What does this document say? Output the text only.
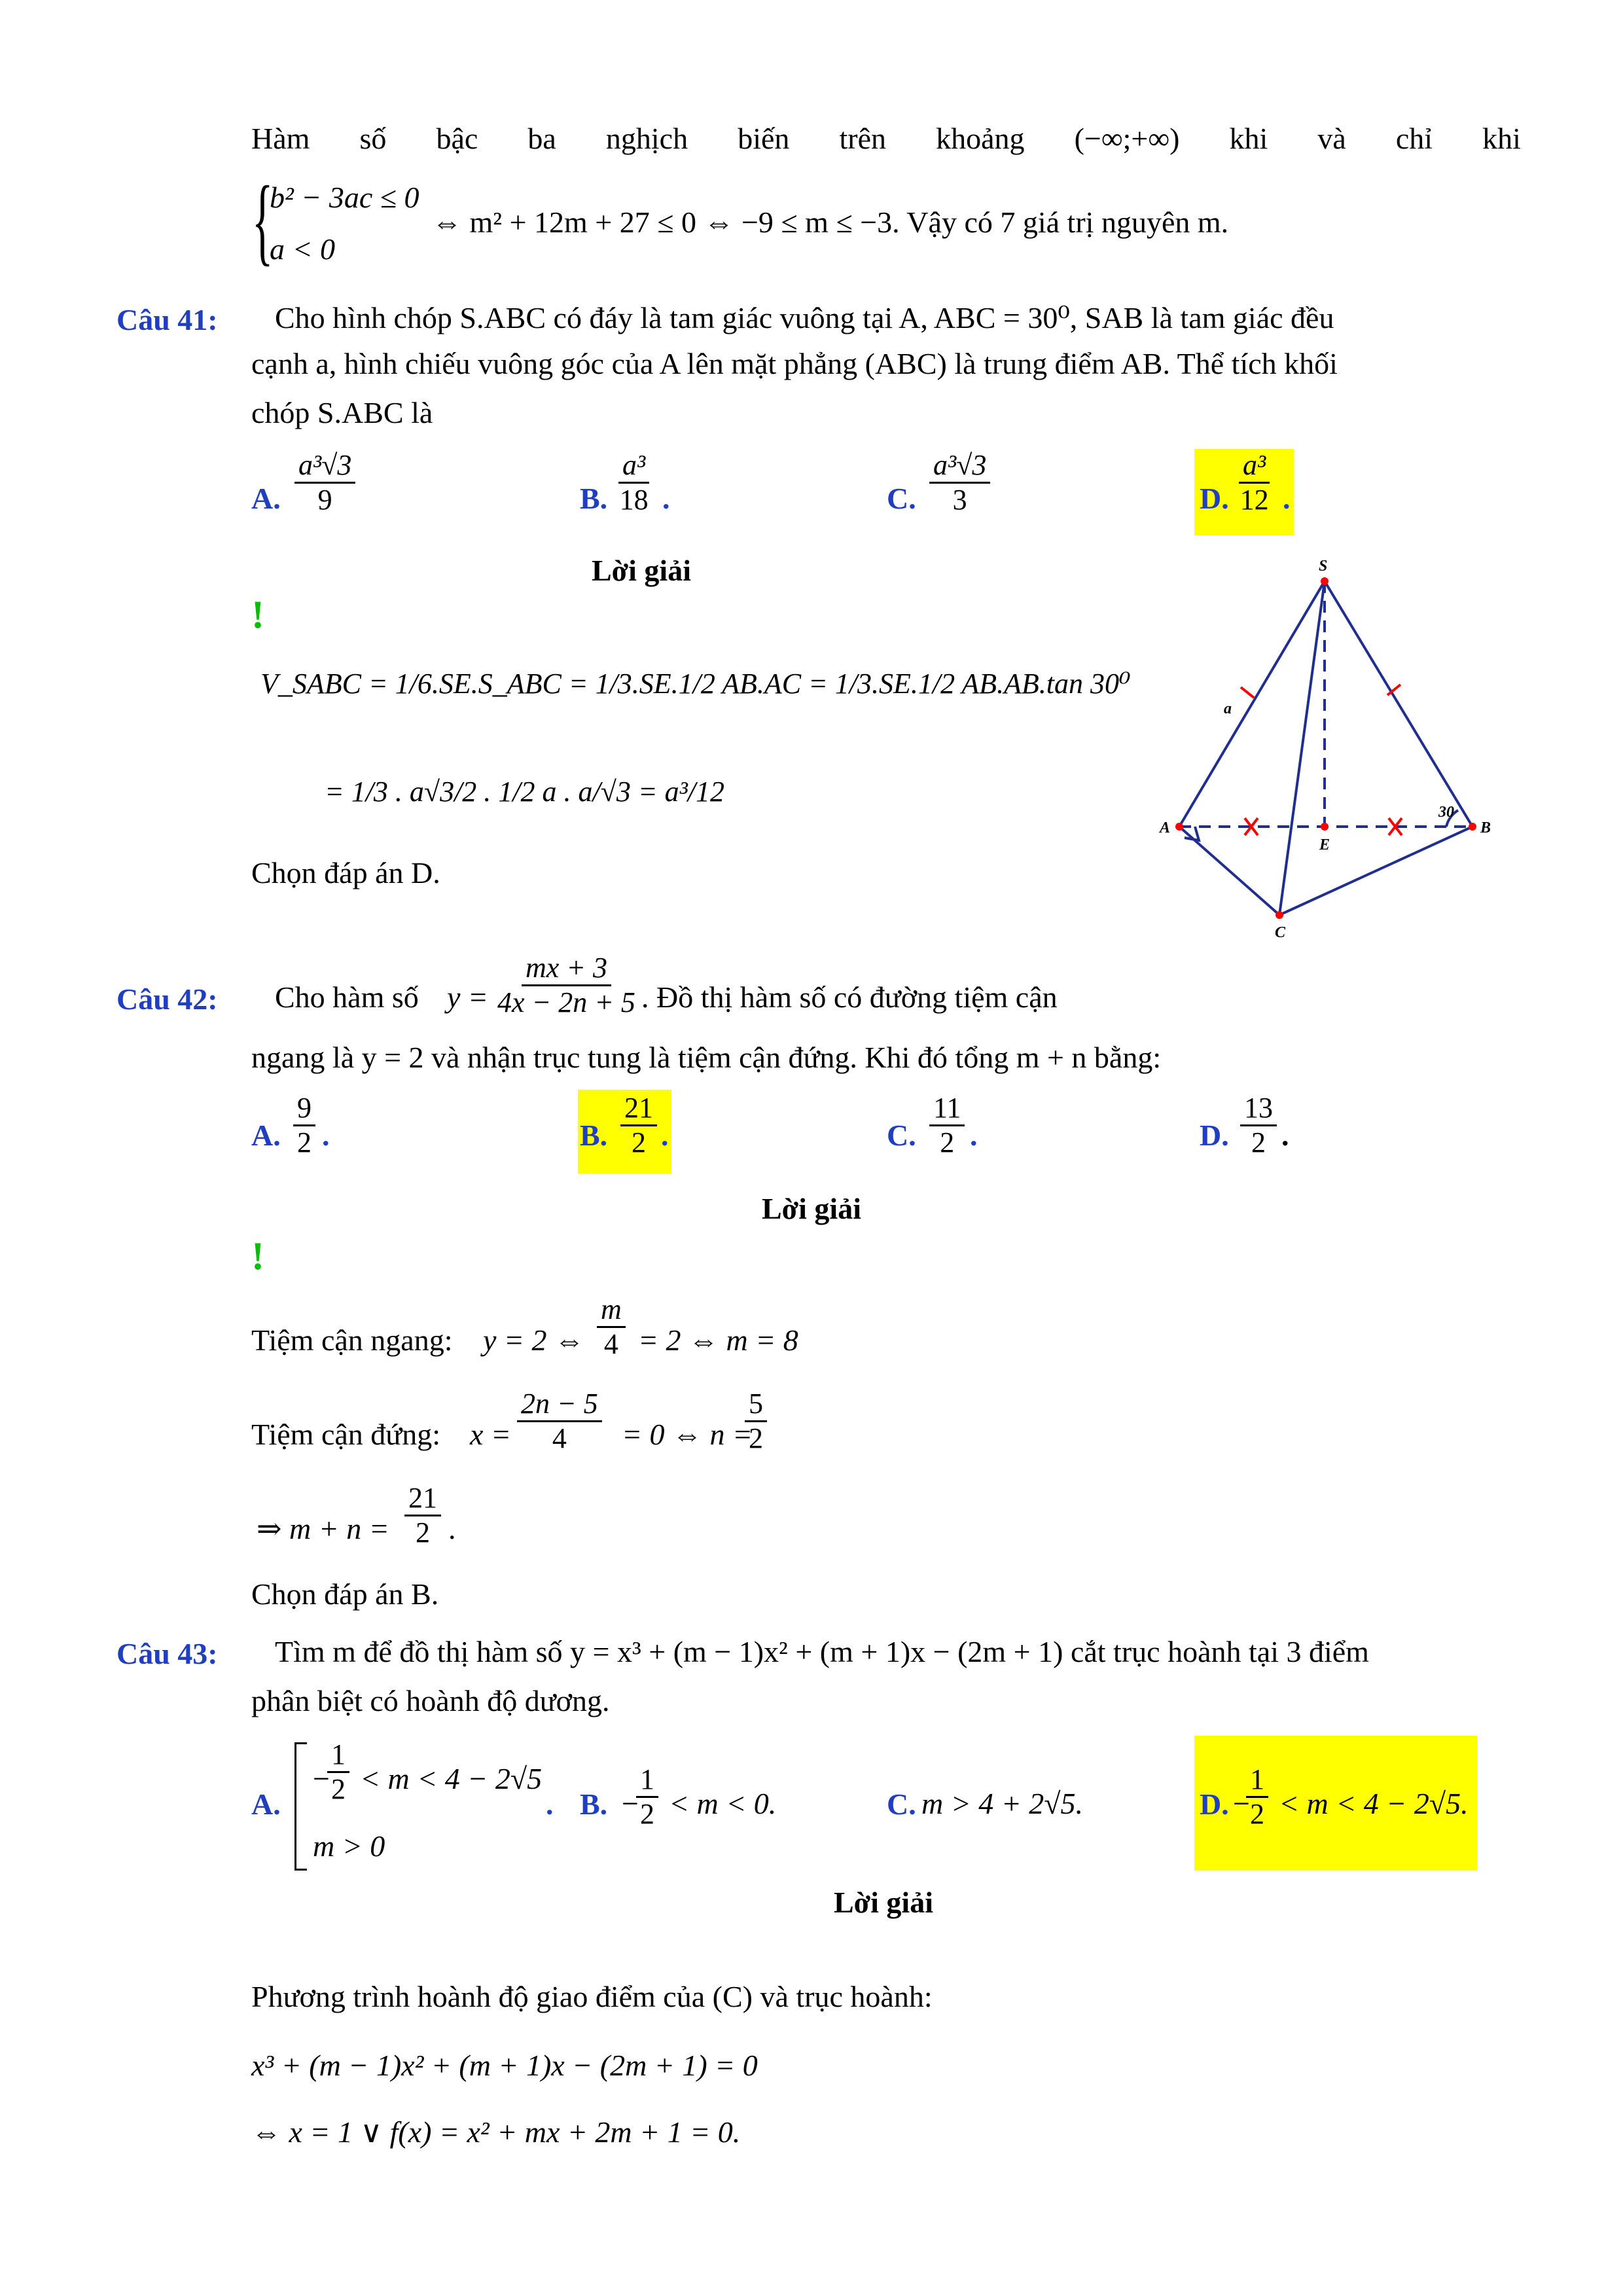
Hàm số bậc ba nghịch biến trên khoảng (−∞;+∞) khi và chỉ khi
{
b² − 3ac ≤ 0
a < 0
⇔ m² + 12m + 27 ≤ 0 ⇔ −9 ≤ m ≤ −3. Vậy có 7 giá trị nguyên m.
Câu 41: Cho hình chóp S.ABC có đáy là tam giác vuông tại A, ABC = 30⁰, SAB là tam giác đều
cạnh a, hình chiếu vuông góc của A lên mặt phẳng (ABC) là trung điểm AB. Thể tích khối
chóp S.ABC là
A. $\frac{\text{a³√3}}{9}$	B. $\frac{\text{a³}}{18}$ .	C. $\frac{\text{a³√3}}{3}$	D. $\frac{\text{a³}}{12}$ .
Lời giải
!
V_SABC = 1/6.SE.S_ABC = 1/3.SE.1/2 AB.AC = 1/3.SE.1/2 AB.AB.tan 30⁰
= 1/3 . a√3/2 . 1/2 a . a/√3 = a³/12
Chọn đáp án D.
S
A	B
C
E
a
30
Câu 42: Cho hàm số $y = \frac{mx + 3}{4x - 2n + 5}$ . Đồ thị hàm số có đường tiệm cận
ngang là y = 2 và nhận trục tung là tiệm cận đứng. Khi đó tổng m + n bằng:
A. $\frac{9}{2}$ .	B. $\frac{21}{2}$ .	C. $\frac{11}{2}$ .	D. $\frac{13}{2}$ .
Lời giải
!
Tiệm cận ngang: y = 2 ⇔ $\frac{m}{4} = 2$ ⇔ m = 8
Tiệm cận đứng: $x = \frac{2n - 5}{4} = 0$ ⇔ n =
$\frac{5}{2}$
⇒ $m + n = \frac{21}{2}$ .
Chọn đáp án B.
Câu 43: Tìm m để đồ thị hàm số y = x³ + (m − 1)x² + (m + 1)x − (2m + 1) cắt trục hoành tại 3 điểm
phân biệt có hoành độ dương.
A.
−
$\frac{1}{2} < m < 4 - 2√5$
m > 0
. B. −
$\frac{1}{2} < m < 0$.	C. m > 4 + 2√5.	D. −
$\frac{1}{2} < m < 4 - 2√5$.
Lời giải
Phương trình hoành độ giao điểm của (C) và trục hoành:
x³ + (m − 1)x² + (m + 1)x − (2m + 1) = 0
⇔ x = 1 ∨ f(x) = x² + mx + 2m + 1 = 0.
